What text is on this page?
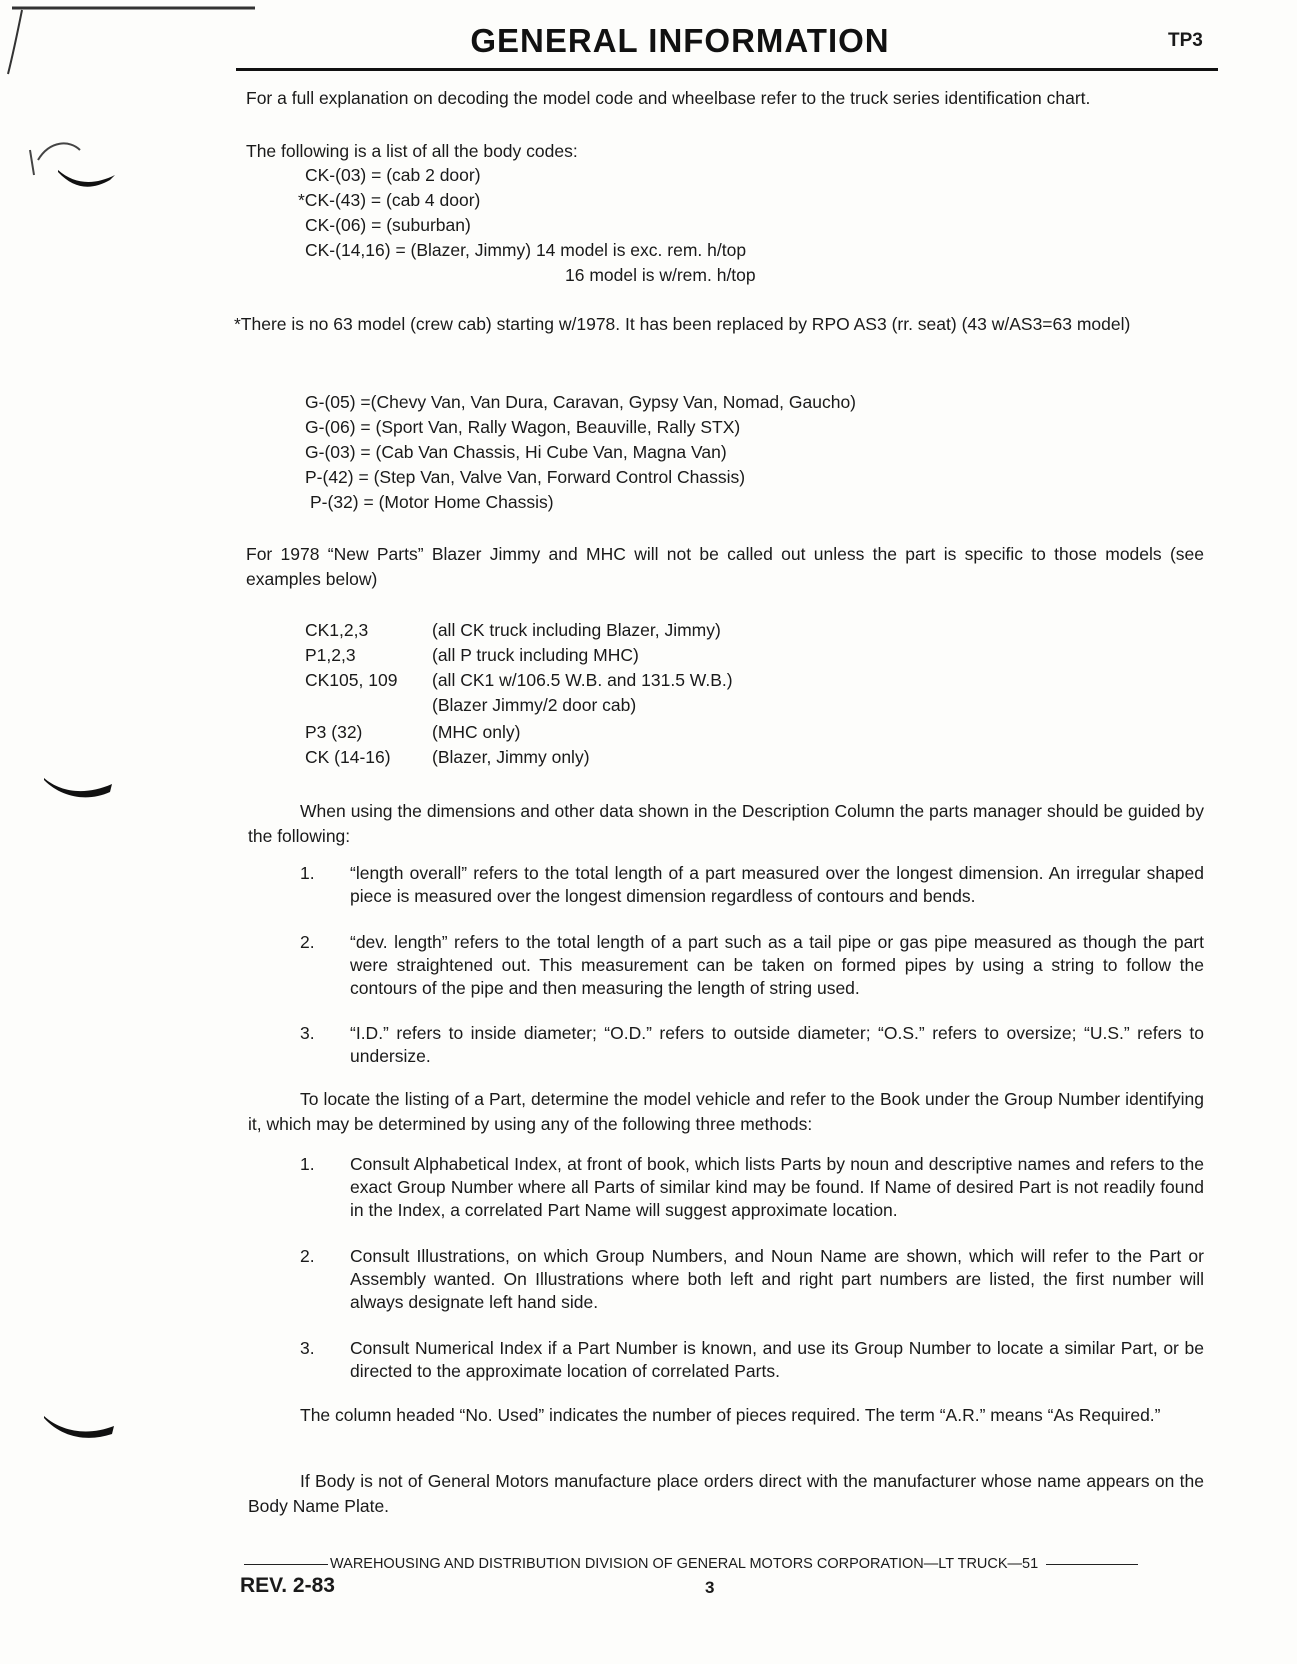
GENERAL INFORMATION	TP3
For a full explanation on decoding the model code and wheelbase refer to the truck series identification chart.
The following is a list of all the body codes:
CK-(03) = (cab 2 door)
*CK-(43) = (cab 4 door)
CK-(06) = (suburban)
CK-(14,16) = (Blazer, Jimmy) 14 model is exc. rem. h/top
16 model is w/rem. h/top
*There is no 63 model (crew cab) starting w/1978. It has been replaced by RPO AS3 (rr. seat) (43 w/AS3=63 model)
G-(05) =(Chevy Van, Van Dura, Caravan, Gypsy Van, Nomad, Gaucho)
G-(06) = (Sport Van, Rally Wagon, Beauville, Rally STX)
G-(03) = (Cab Van Chassis, Hi Cube Van, Magna Van)
P-(42) = (Step Van, Valve Van, Forward Control Chassis)
P-(32) = (Motor Home Chassis)
For 1978 “New Parts” Blazer Jimmy and MHC will not be called out unless the part is specific to those models (see examples below)
CK1,2,3	(all CK truck including Blazer, Jimmy)
P1,2,3	(all P truck including MHC)
CK105, 109 (all CK1 w/106.5 W.B. and 131.5 W.B.)
(Blazer Jimmy/2 door cab)
P3 (32)	(MHC only)
CK (14-16) (Blazer, Jimmy only)
When using the dimensions and other data shown in the Description Column the parts manager should be guided by the following:
1. “length overall” refers to the total length of a part measured over the longest dimension. An irregular shaped piece is measured over the longest dimension regardless of contours and bends.
2. “dev. length” refers to the total length of a part such as a tail pipe or gas pipe measured as though the part were straightened out. This measurement can be taken on formed pipes by using a string to follow the contours of the pipe and then measuring the length of string used.
3. “I.D.” refers to inside diameter; “O.D.” refers to outside diameter; “O.S.” refers to oversize; “U.S.” refers to undersize.
To locate the listing of a Part, determine the model vehicle and refer to the Book under the Group Number identifying it, which may be determined by using any of the following three methods:
1. Consult Alphabetical Index, at front of book, which lists Parts by noun and descriptive names and refers to the exact Group Number where all Parts of similar kind may be found. If Name of desired Part is not readily found in the Index, a correlated Part Name will suggest approximate location.
2. Consult Illustrations, on which Group Numbers, and Noun Name are shown, which will refer to the Part or Assembly wanted. On Illustrations where both left and right part numbers are listed, the first number will always designate left hand side.
3. Consult Numerical Index if a Part Number is known, and use its Group Number to locate a similar Part, or be directed to the approximate location of correlated Parts.
The column headed “No. Used” indicates the number of pieces required. The term “A.R.” means “As Required.”
If Body is not of General Motors manufacture place orders direct with the manufacturer whose name appears on the Body Name Plate.
WAREHOUSING AND DISTRIBUTION DIVISION OF GENERAL MOTORS CORPORATION—LT TRUCK—51
REV. 2-83	3
